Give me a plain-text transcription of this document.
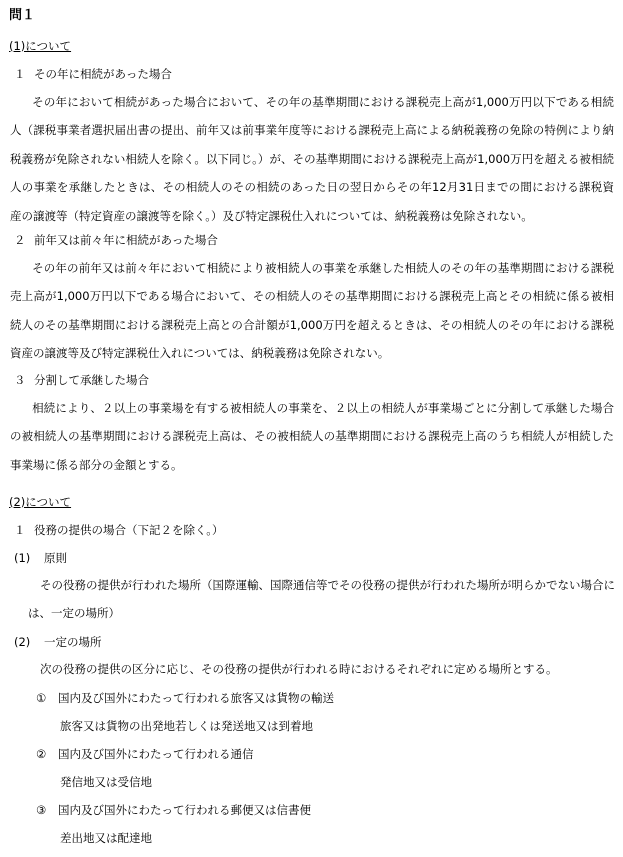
問１
(1)について
１ その年に相続があった場合
その年において相続があった場合において、その年の基準期間における課税売上高が1,000万円以下である相続人（課税事業者選択届出書の提出、前年又は前事業年度等における課税売上高による納税義務の免除の特例により納税義務が免除されない相続人を除く。以下同じ。）が、その基準期間における課税売上高が1,000万円を超える被相続人の事業を承継したときは、その相続人のその相続のあった日の翌日からその年12月31日までの間における課税資産の譲渡等（特定資産の譲渡等を除く。）及び特定課税仕入れについては、納税義務は免除されない。
２ 前年又は前々年に相続があった場合
その年の前年又は前々年において相続により被相続人の事業を承継した相続人のその年の基準期間における課税売上高が1,000万円以下である場合において、その相続人のその基準期間における課税売上高とその相続に係る被相続人のその基準期間における課税売上高との合計額が1,000万円を超えるときは、その相続人のその年における課税資産の譲渡等及び特定課税仕入れについては、納税義務は免除されない。
３ 分割して承継した場合
相続により、２以上の事業場を有する被相続人の事業を、２以上の相続人が事業場ごとに分割して承継した場合の被相続人の基準期間における課税売上高は、その被相続人の基準期間における課税売上高のうち相続人が相続した事業場に係る部分の金額とする。
(2)について
１ 役務の提供の場合（下記２を除く。）
(1) 原則
その役務の提供が行われた場所（国際運輸、国際通信等でその役務の提供が行われた場所が明らかでない場合には、一定の場所）
(2) 一定の場所
次の役務の提供の区分に応じ、その役務の提供が行われる時におけるそれぞれに定める場所とする。
① 国内及び国外にわたって行われる旅客又は貨物の輸送
旅客又は貨物の出発地若しくは発送地又は到着地
② 国内及び国外にわたって行われる通信
発信地又は受信地
③ 国内及び国外にわたって行われる郵便又は信書便
差出地又は配達地
